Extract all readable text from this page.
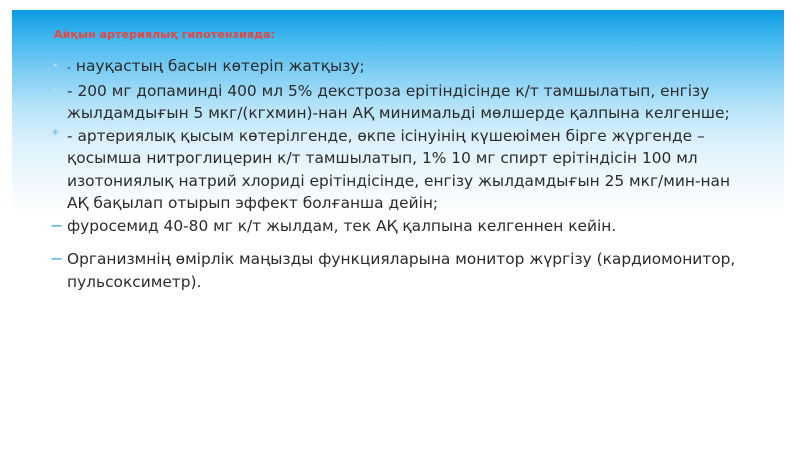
Айқын артериялық гипотензияда:
• - науқастың басын көтеріп жатқызу;
• - 200 мг допаминді 400 мл 5% декстроза ерітіндісінде к/т тамшылатып, енгізу жылдамдығын 5 мкг/(кгхмин)-нан АҚ минимальді мөлшерде қалпына келгенше;
* - артериялық қысым көтерілгенде, өкпе ісінуінің күшеюімен бірге жүргенде – қосымша нитроглицерин к/т тамшылатып, 1% 10 мг спирт ерітіндісін 100 мл изотониялық натрий хлориді ерітіндісінде, енгізу жылдамдығын 25 мкг/мин-нан АҚ бақылап отырып эффект болғанша дейін;
− фуросемид 40-80 мг к/т жылдам, тек АҚ қалпына келгеннен кейін.
− Организмнің өмірлік маңызды функцияларына монитор жүргізу (кардиомонитор, пульсоксиметр).
